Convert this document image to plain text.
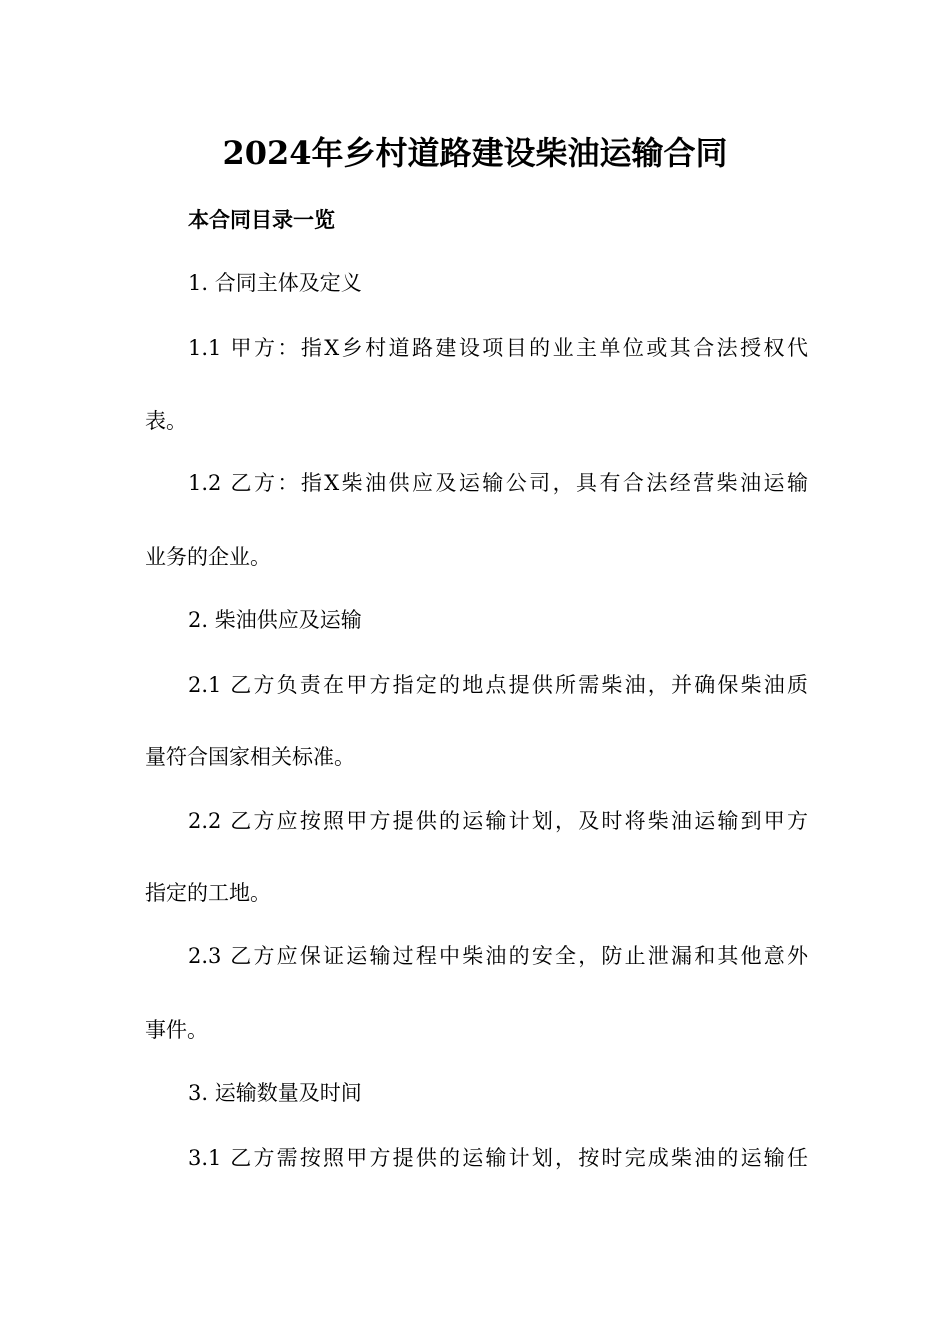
2024年乡村道路建设柴油运输合同
本合同目录一览
1. 合同主体及定义
1.1 甲方：指X乡村道路建设项目的业主单位或其合法授权代
表。
1.2 乙方：指X柴油供应及运输公司，具有合法经营柴油运输
业务的企业。
2. 柴油供应及运输
2.1 乙方负责在甲方指定的地点提供所需柴油，并确保柴油质
量符合国家相关标准。
2.2 乙方应按照甲方提供的运输计划，及时将柴油运输到甲方
指定的工地。
2.3 乙方应保证运输过程中柴油的安全，防止泄漏和其他意外
事件。
3. 运输数量及时间
3.1 乙方需按照甲方提供的运输计划，按时完成柴油的运输任
